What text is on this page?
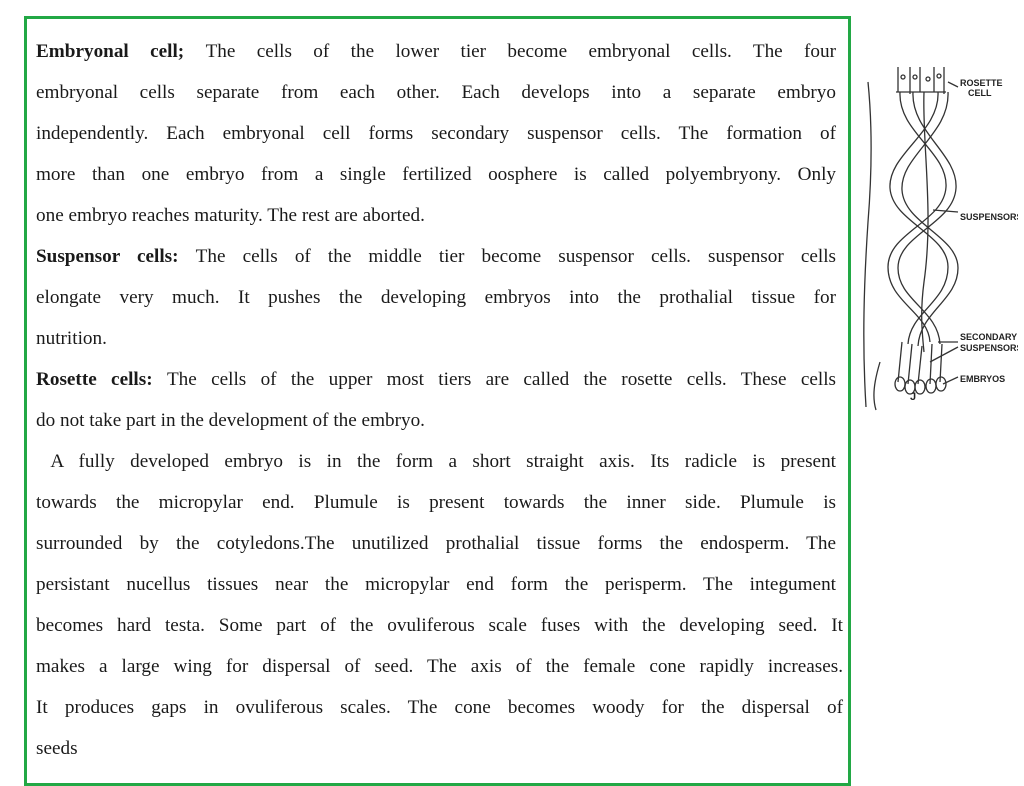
Embryonal cell; The cells of the lower tier become embryonal cells. The four
embryonal cells separate from each other. Each develops into a separate embryo
independently. Each embryonal cell forms secondary suspensor cells. The formation of
more than one embryo from a single fertilized oosphere is called polyembryony. Only
one embryo reaches maturity. The rest are aborted.
Suspensor cells: The cells of the middle tier become suspensor cells. suspensor cells
elongate very much. It pushes the developing embryos into the prothalial tissue for
nutrition.
Rosette cells: The cells of the upper most tiers are called the rosette cells. These cells
do not take part in the development of the embryo.
A fully developed embryo is in the form a short straight axis. Its radicle is present
towards the micropylar end. Plumule is present towards the inner side. Plumule is
surrounded by the cotyledons.The unutilized prothalial tissue forms the endosperm. The
persistant nucellus tissues near the micropylar end form the perisperm. The integument
becomes hard testa. Some part of the ovuliferous scale fuses with the developing seed. It
makes a large wing for dispersal of seed. The axis of the female cone rapidly increases.
It produces gaps in ovuliferous scales. The cone becomes woody for the dispersal of
seeds
ROSETTE
CELL
SUSPENSORS
SECONDARY
SUSPENSORS
EMBRYOS
J
